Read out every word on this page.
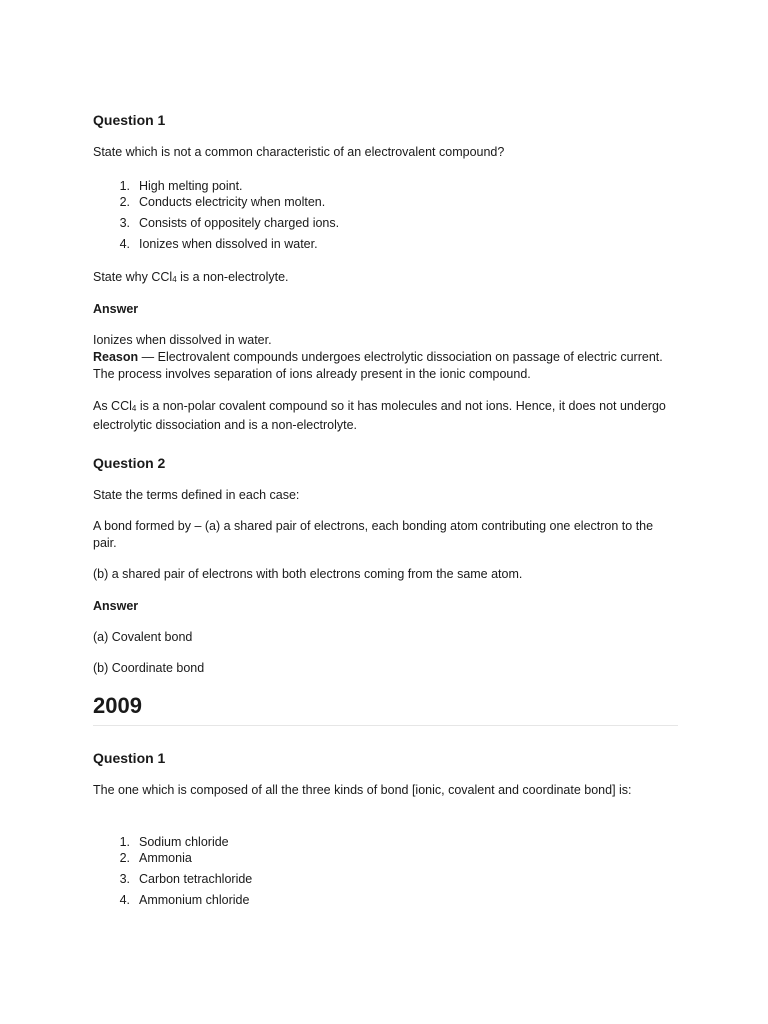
Question 1
State which is not a common characteristic of an electrovalent compound?
1. High melting point.
2. Conducts electricity when molten.
3. Consists of oppositely charged ions.
4. Ionizes when dissolved in water.
State why CCl4 is a non-electrolyte.
Answer
Ionizes when dissolved in water.
Reason — Electrovalent compounds undergoes electrolytic dissociation on passage of electric current. The process involves separation of ions already present in the ionic compound.
As CCl4 is a non-polar covalent compound so it has molecules and not ions. Hence, it does not undergo electrolytic dissociation and is a non-electrolyte.
Question 2
State the terms defined in each case:
A bond formed by – (a) a shared pair of electrons, each bonding atom contributing one electron to the pair.
(b) a shared pair of electrons with both electrons coming from the same atom.
Answer
(a) Covalent bond
(b) Coordinate bond
2009
Question 1
The one which is composed of all the three kinds of bond [ionic, covalent and coordinate bond] is:
1. Sodium chloride
2. Ammonia
3. Carbon tetrachloride
4. Ammonium chloride
